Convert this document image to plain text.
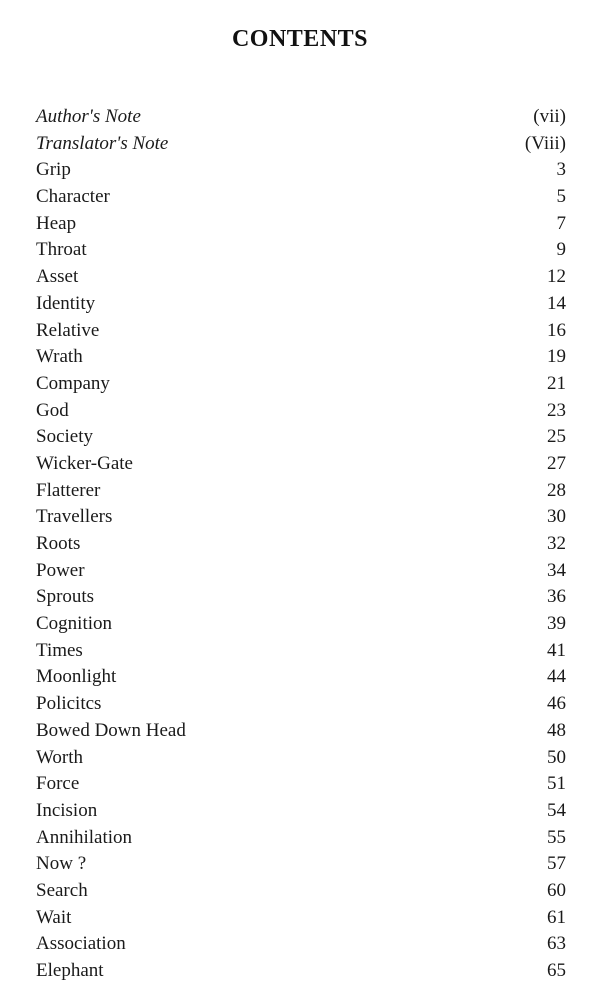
CONTENTS
Author's Note	(vii)
Translator's Note	(Viii)
Grip	3
Character	5
Heap	7
Throat	9
Asset	12
Identity	14
Relative	16
Wrath	19
Company	21
God	23
Society	25
Wicker-Gate	27
Flatterer	28
Travellers	30
Roots	32
Power	34
Sprouts	36
Cognition	39
Times	41
Moonlight	44
Policitcs	46
Bowed Down Head	48
Worth	50
Force	51
Incision	54
Annihilation	55
Now ?	57
Search	60
Wait	61
Association	63
Elephant	65
